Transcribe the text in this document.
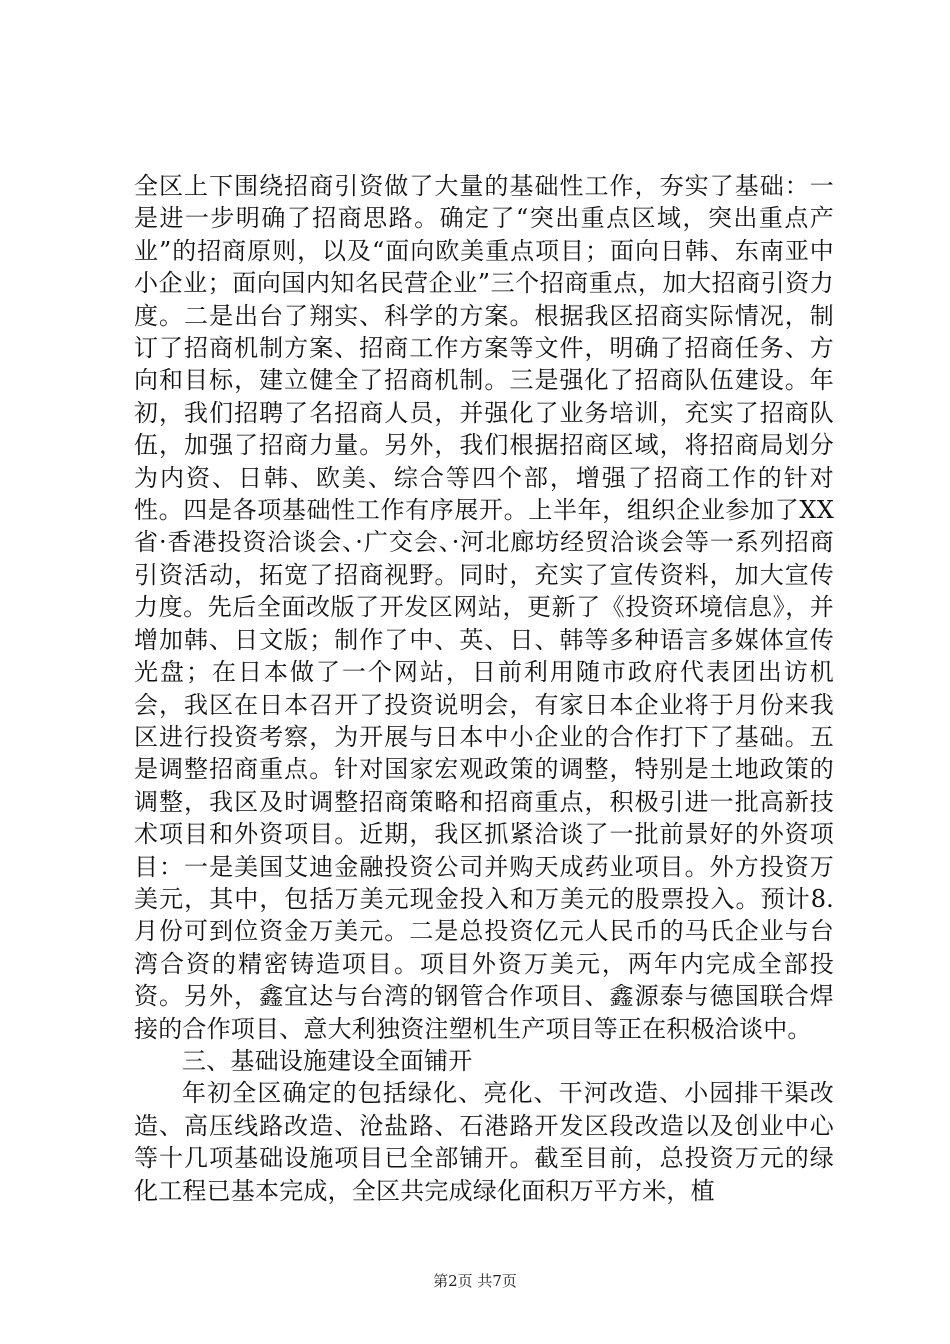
全区上下围绕招商引资做了大量的基础性工作，夯实了基础：一是进一步明确了招商思路。确定了“突出重点区域，突出重点产业”的招商原则，以及“面向欧美重点项目；面向日韩、东南亚中小企业；面向国内知名民营企业”三个招商重点，加大招商引资力度。二是出台了翔实、科学的方案。根据我区招商实际情况，制订了招商机制方案、招商工作方案等文件，明确了招商任务、方向和目标，建立健全了招商机制。三是强化了招商队伍建设。年初，我们招聘了名招商人员，并强化了业务培训，充实了招商队伍，加强了招商力量。另外，我们根据招商区域，将招商局划分为内资、日韩、欧美、综合等四个部，增强了招商工作的针对性。四是各项基础性工作有序展开。上半年，组织企业参加了XX省·香港投资洽谈会、·广交会、·河北廊坊经贸洽谈会等一系列招商引资活动，拓宽了招商视野。同时，充实了宣传资料，加大宣传力度。先后全面改版了开发区网站，更新了《投资环境信息》，并增加韩、日文版；制作了中、英、日、韩等多种语言多媒体宣传光盘；在日本做了一个网站，日前利用随市政府代表团出访机会，我区在日本召开了投资说明会，有家日本企业将于月份来我区进行投资考察，为开展与日本中小企业的合作打下了基础。五是调整招商重点。针对国家宏观政策的调整，特别是土地政策的调整，我区及时调整招商策略和招商重点，积极引进一批高新技术项目和外资项目。近期，我区抓紧洽谈了一批前景好的外资项目：一是美国艾迪金融投资公司并购天成药业项目。外方投资万美元，其中，包括万美元现金投入和万美元的股票投入。预计8.月份可到位资金万美元。二是总投资亿元人民币的马氏企业与台湾合资的精密铸造项目。项目外资万美元，两年内完成全部投资。另外，鑫宜达与台湾的钢管合作项目、鑫源泰与德国联合焊接的合作项目、意大利独资注塑机生产项目等正在积极洽谈中。

三、基础设施建设全面铺开

年初全区确定的包括绿化、亮化、干河改造、小园排干渠改造、高压线路改造、沧盐路、石港路开发区段改造以及创业中心等十几项基础设施项目已全部铺开。截至目前，总投资万元的绿化工程已基本完成，全区共完成绿化面积万平方米，植

第2页 共7页
